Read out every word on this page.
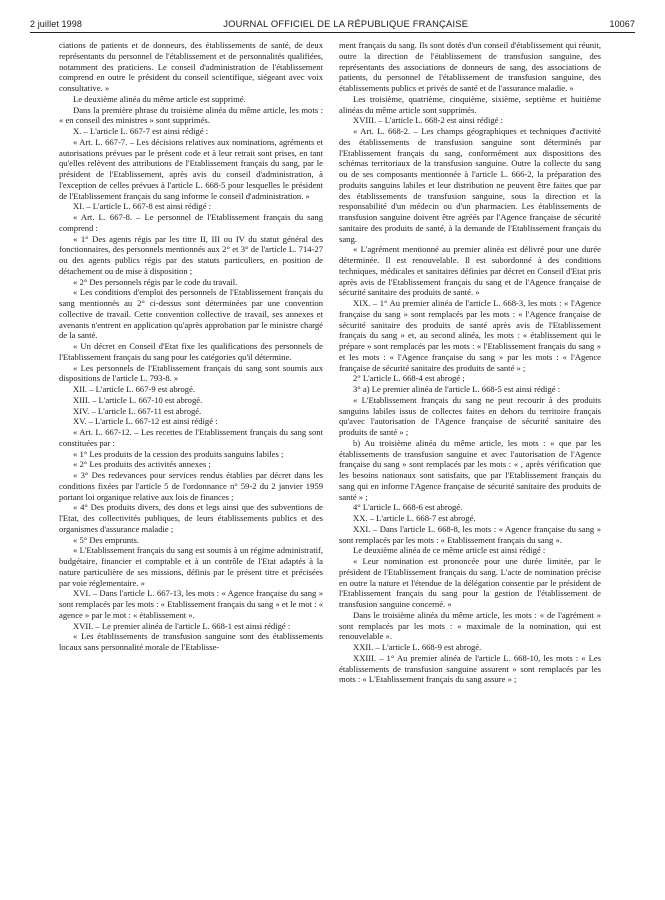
2 juillet 1998	JOURNAL OFFICIEL DE LA RÉPUBLIQUE FRANÇAISE	10067

ciations de patients et de donneurs, des établissements de santé, de deux représentants du personnel de l'établissement et de personnalités qualifiées, notamment des praticiens. Le conseil d'administration de l'établissement comprend en outre le président du conseil scientifique, siégeant avec voix consultative. »

Le deuxième alinéa du même article est supprimé.

Dans la première phrase du troisième alinéa du même article, les mots : « en conseil des ministres » sont supprimés.

X. – L'article L. 667-7 est ainsi rédigé :

« Art. L. 667-7. – Les décisions relatives aux nominations, agréments et autorisations prévues par le présent code et à leur retrait sont prises, en tant qu'elles relèvent des attributions de l'Etablissement français du sang, par le président de l'Etablissement, après avis du conseil d'administration, à l'exception de celles prévues à l'article L. 668-5 pour lesquelles le président de l'Etablissement français du sang informe le conseil d'administration. »

XI. – L'article L. 667-8 est ainsi rédigé :

« Art. L. 667-8. – Le personnel de l'Etablissement français du sang comprend :

« 1° Des agents régis par les titre II, III ou IV du statut général des fonctionnaires, des personnels mentionnés aux 2° et 3° de l'article L. 714-27 ou des agents publics régis par des statuts particuliers, en position de détachement ou de mise à disposition ;

« 2° Des personnels régis par le code du travail.

« Les conditions d'emploi des personnels de l'Etablissement français du sang mentionnés au 2° ci-dessus sont déterminées par une convention collective de travail. Cette convention collective de travail, ses annexes et avenants n'entrent en application qu'après approbation par le ministre chargé de la santé.

« Un décret en Conseil d'Etat fixe les qualifications des personnels de l'Etablissement français du sang pour les catégories qu'il détermine.

« Les personnels de l'Etablissement français du sang sont soumis aux dispositions de l'article L. 793-8. »

XII. – L'article L. 667-9 est abrogé.

XIII. – L'article L. 667-10 est abrogé.

XIV. – L'article L. 667-11 est abrogé.

XV. – L'article L. 667-12 est ainsi rédigé :

« Art. L. 667-12. – Les recettes de l'Etablissement français du sang sont constituées par :

« 1° Les produits de la cession des produits sanguins labiles ;

« 2° Les produits des activités annexes ;

« 3° Des redevances pour services rendus établies par décret dans les conditions fixées par l'article 5 de l'ordonnance n° 59-2 du 2 janvier 1959 portant loi organique relative aux lois de finances ;

« 4° Des produits divers, des dons et legs ainsi que des subventions de l'Etat, des collectivités publiques, de leurs établissements publics et des organismes d'assurance maladie ;

« 5° Des emprunts.

« L'Etablissement français du sang est soumis à un régime administratif, budgétaire, financier et comptable et à un contrôle de l'Etat adaptés à la nature particulière de ses missions, définis par le présent titre et précisées par voie réglementaire. »

XVI. – Dans l'article L. 667-13, les mots : « Agence française du sang » sont remplacés par les mots : « Etablissement français du sang » et le mot : « agence » par le mot : « établissement ».

XVII. – Le premier alinéa de l'article L. 668-1 est ainsi rédigé :

« Les établissements de transfusion sanguine sont des établissements locaux sans personnalité morale de l'Etablisse-

ment français du sang. Ils sont dotés d'un conseil d'établissement qui réunit, outre la direction de l'établissement de transfusion sanguine, des représentants des associations de donneurs de sang, des associations de patients, du personnel de l'établissement de transfusion sanguine, des établissements publics et privés de santé et de l'assurance maladie. »

Les troisième, quatrième, cinquième, sixième, septième et huitième alinéas du même article sont supprimés.

XVIII. – L'article L. 668-2 est ainsi rédigé :

« Art. L. 668-2. – Les champs géographiques et techniques d'activité des établissements de transfusion sanguine sont déterminés par l'Etablissement français du sang, conformément aux dispositions des schémas territoriaux de la transfusion sanguine. Outre la collecte du sang ou de ses composants mentionnée à l'article L. 666-2, la préparation des produits sanguins labiles et leur distribution ne peuvent être faites que par des établissements de transfusion sanguine, sous la direction et la responsabilité d'un médecin ou d'un pharmacien. Les établissements de transfusion sanguine doivent être agréés par l'Agence française de sécurité sanitaire des produits de santé, à la demande de l'Etablissement français du sang.

« L'agrément mentionné au premier alinéa est délivré pour une durée déterminée. Il est renouvelable. Il est subordonné à des conditions techniques, médicales et sanitaires définies par décret en Conseil d'Etat pris après avis de l'Etablissement français du sang et de l'Agence française de sécurité sanitaire des produits de santé. »

XIX. – 1° Au premier alinéa de l'article L. 668-3, les mots : « l'Agence française du sang » sont remplacés par les mots : « l'Agence française de sécurité sanitaire des produits de santé après avis de l'Etablissement français du sang » et, au second alinéa, les mots : « établissement qui le prépare » sont remplacés par les mots : « l'Etablissement français du sang » et les mots : « l'Agence française du sang » par les mots : « l'Agence française de sécurité sanitaire des produits de santé » ;

2° L'article L. 668-4 est abrogé ;

3° a) Le premier alinéa de l'article L. 668-5 est ainsi rédigé :

« L'Etablissement français du sang ne peut recourir à des produits sanguins labiles issus de collectes faites en dehors du territoire français qu'avec l'autorisation de l'Agence française de sécurité sanitaire des produits de santé » ;

b) Au troisième alinéa du même article, les mots : « que par les établissements de transfusion sanguine et avec l'autorisation de l'Agence française du sang » sont remplacés par les mots : « , après vérification que les besoins nationaux sont satisfaits, que par l'Etablissement français du sang qui en informe l'Agence française de sécurité sanitaire des produits de santé » ;

4° L'article L. 668-6 est abrogé.

XX. – L'article L. 668-7 est abrogé.

XXI. – Dans l'article L. 668-8, les mots : « Agence française du sang » sont remplacés par les mots : « Etablissement français du sang ».

Le deuxième alinéa de ce même article est ainsi rédigé :

« Leur nomination est prononcée pour une durée limitée, par le président de l'Etablissement français du sang. L'acte de nomination précise en outre la nature et l'étendue de la délégation consentie par le président de l'Etablissement français du sang pour la gestion de l'établissement de transfusion sanguine concerné. »

Dans le troisième alinéa du même article, les mots : « de l'agrément » sont remplacés par les mots : « maximale de la nomination, qui est renouvelable ».

XXII. – L'article L. 668-9 est abrogé.

XXIII. – 1° Au premier alinéa de l'article L. 668-10, les mots : « Les établissements de transfusion sanguine assurent » sont remplacés par les mots : « L'Etablissement français du sang assure » ;
